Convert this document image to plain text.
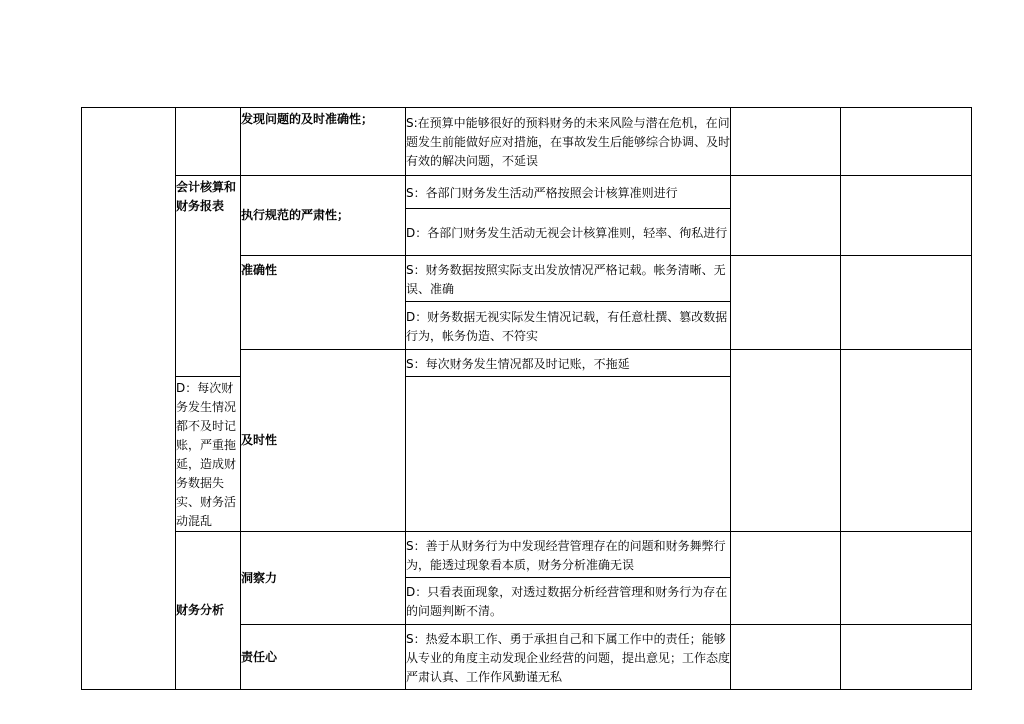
		发现问题的及时准确性；	S:在预算中能够很好的预料财务的未来风险与潜在危机，在问题发生前能做好应对措施，在事故发生后能够综合协调、及时有效的解决问题，不延误		

	会计核算和财务报表	执行规范的严肃性；	S：各部门财务发生活动严格按照会计核算准则进行		

			D：各部门财务发生活动无视会计核算准则，轻率、徇私进行		

		准确性	S：财务数据按照实际支出发放情况严格记载。帐务清晰、无误、准确		

			D：财务数据无视实际发生情况记载，有任意杜撰、篡改数据行为，帐务伪造、不符实		

		及时性	S：每次财务发生情况都及时记账，不拖延		

	D：每次财务发生情况都不及时记账，严重拖延，造成财务数据失实、财务活动混乱				

	财务分析	洞察力	S：善于从财务行为中发现经营管理存在的问题和财务舞弊行为，能透过现象看本质，财务分析准确无误		

			D：只看表面现象，对透过数据分析经营管理和财务行为存在的问题判断不清。		

		责任心	S：热爱本职工作、勇于承担自己和下属工作中的责任；能够从专业的角度主动发现企业经营的问题，提出意见；工作态度严肃认真、工作作风勤谨无私		
